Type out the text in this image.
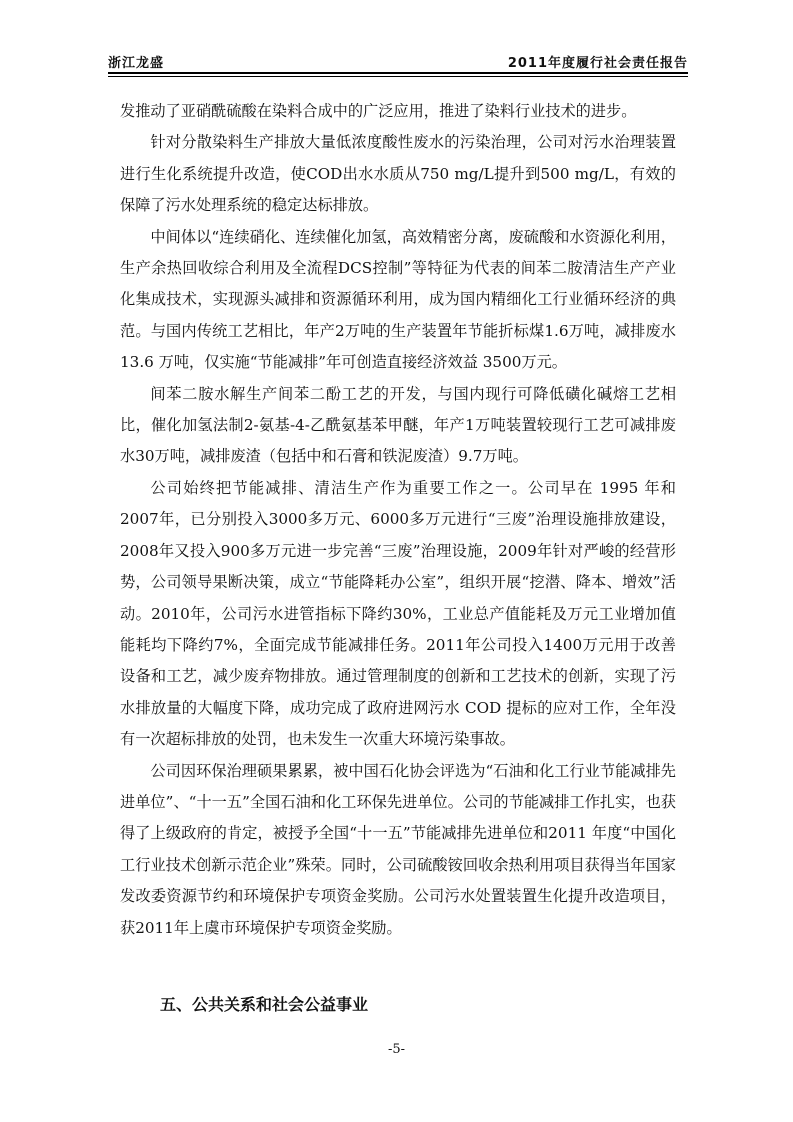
浙江龙盛	2011年度履行社会责任报告

发推动了亚硝酰硫酸在染料合成中的广泛应用，推进了染料行业技术的进步。

针对分散染料生产排放大量低浓度酸性废水的污染治理，公司对污水治理装置进行生化系统提升改造，使COD出水水质从750 mg/L提升到500 mg/L，有效的保障了污水处理系统的稳定达标排放。

中间体以“连续硝化、连续催化加氢，高效精密分离，废硫酸和水资源化利用，生产余热回收综合利用及全流程DCS控制”等特征为代表的间苯二胺清洁生产产业化集成技术，实现源头减排和资源循环利用，成为国内精细化工行业循环经济的典范。与国内传统工艺相比，年产2万吨的生产装置年节能折标煤1.6万吨，减排废水 13.6 万吨，仅实施“节能减排”年可创造直接经济效益 3500万元。

间苯二胺水解生产间苯二酚工艺的开发，与国内现行可降低磺化碱熔工艺相比，催化加氢法制2-氨基-4-乙酰氨基苯甲醚，年产1万吨装置较现行工艺可减排废水30万吨，减排废渣（包括中和石膏和铁泥废渣）9.7万吨。

公司始终把节能减排、清洁生产作为重要工作之一。公司早在 1995 年和2007年，已分别投入3000多万元、6000多万元进行“三废”治理设施排放建设，2008年又投入900多万元进一步完善“三废”治理设施，2009年针对严峻的经营形势，公司领导果断决策，成立“节能降耗办公室”，组织开展“挖潜、降本、增效”活动。2010年，公司污水进管指标下降约30%，工业总产值能耗及万元工业增加值能耗均下降约7%，全面完成节能减排任务。2011年公司投入1400万元用于改善设备和工艺，减少废弃物排放。通过管理制度的创新和工艺技术的创新，实现了污水排放量的大幅度下降，成功完成了政府进网污水 COD 提标的应对工作，全年没有一次超标排放的处罚，也未发生一次重大环境污染事故。

公司因环保治理硕果累累，被中国石化协会评选为“石油和化工行业节能减排先进单位”、“十一五”全国石油和化工环保先进单位。公司的节能减排工作扎实，也获得了上级政府的肯定，被授予全国“十一五”节能减排先进单位和2011 年度“中国化工行业技术创新示范企业”殊荣。同时，公司硫酸铵回收余热利用项目获得当年国家发改委资源节约和环境保护专项资金奖励。公司污水处置装置生化提升改造项目，获2011年上虞市环境保护专项资金奖励。

五、公共关系和社会公益事业
-5-
